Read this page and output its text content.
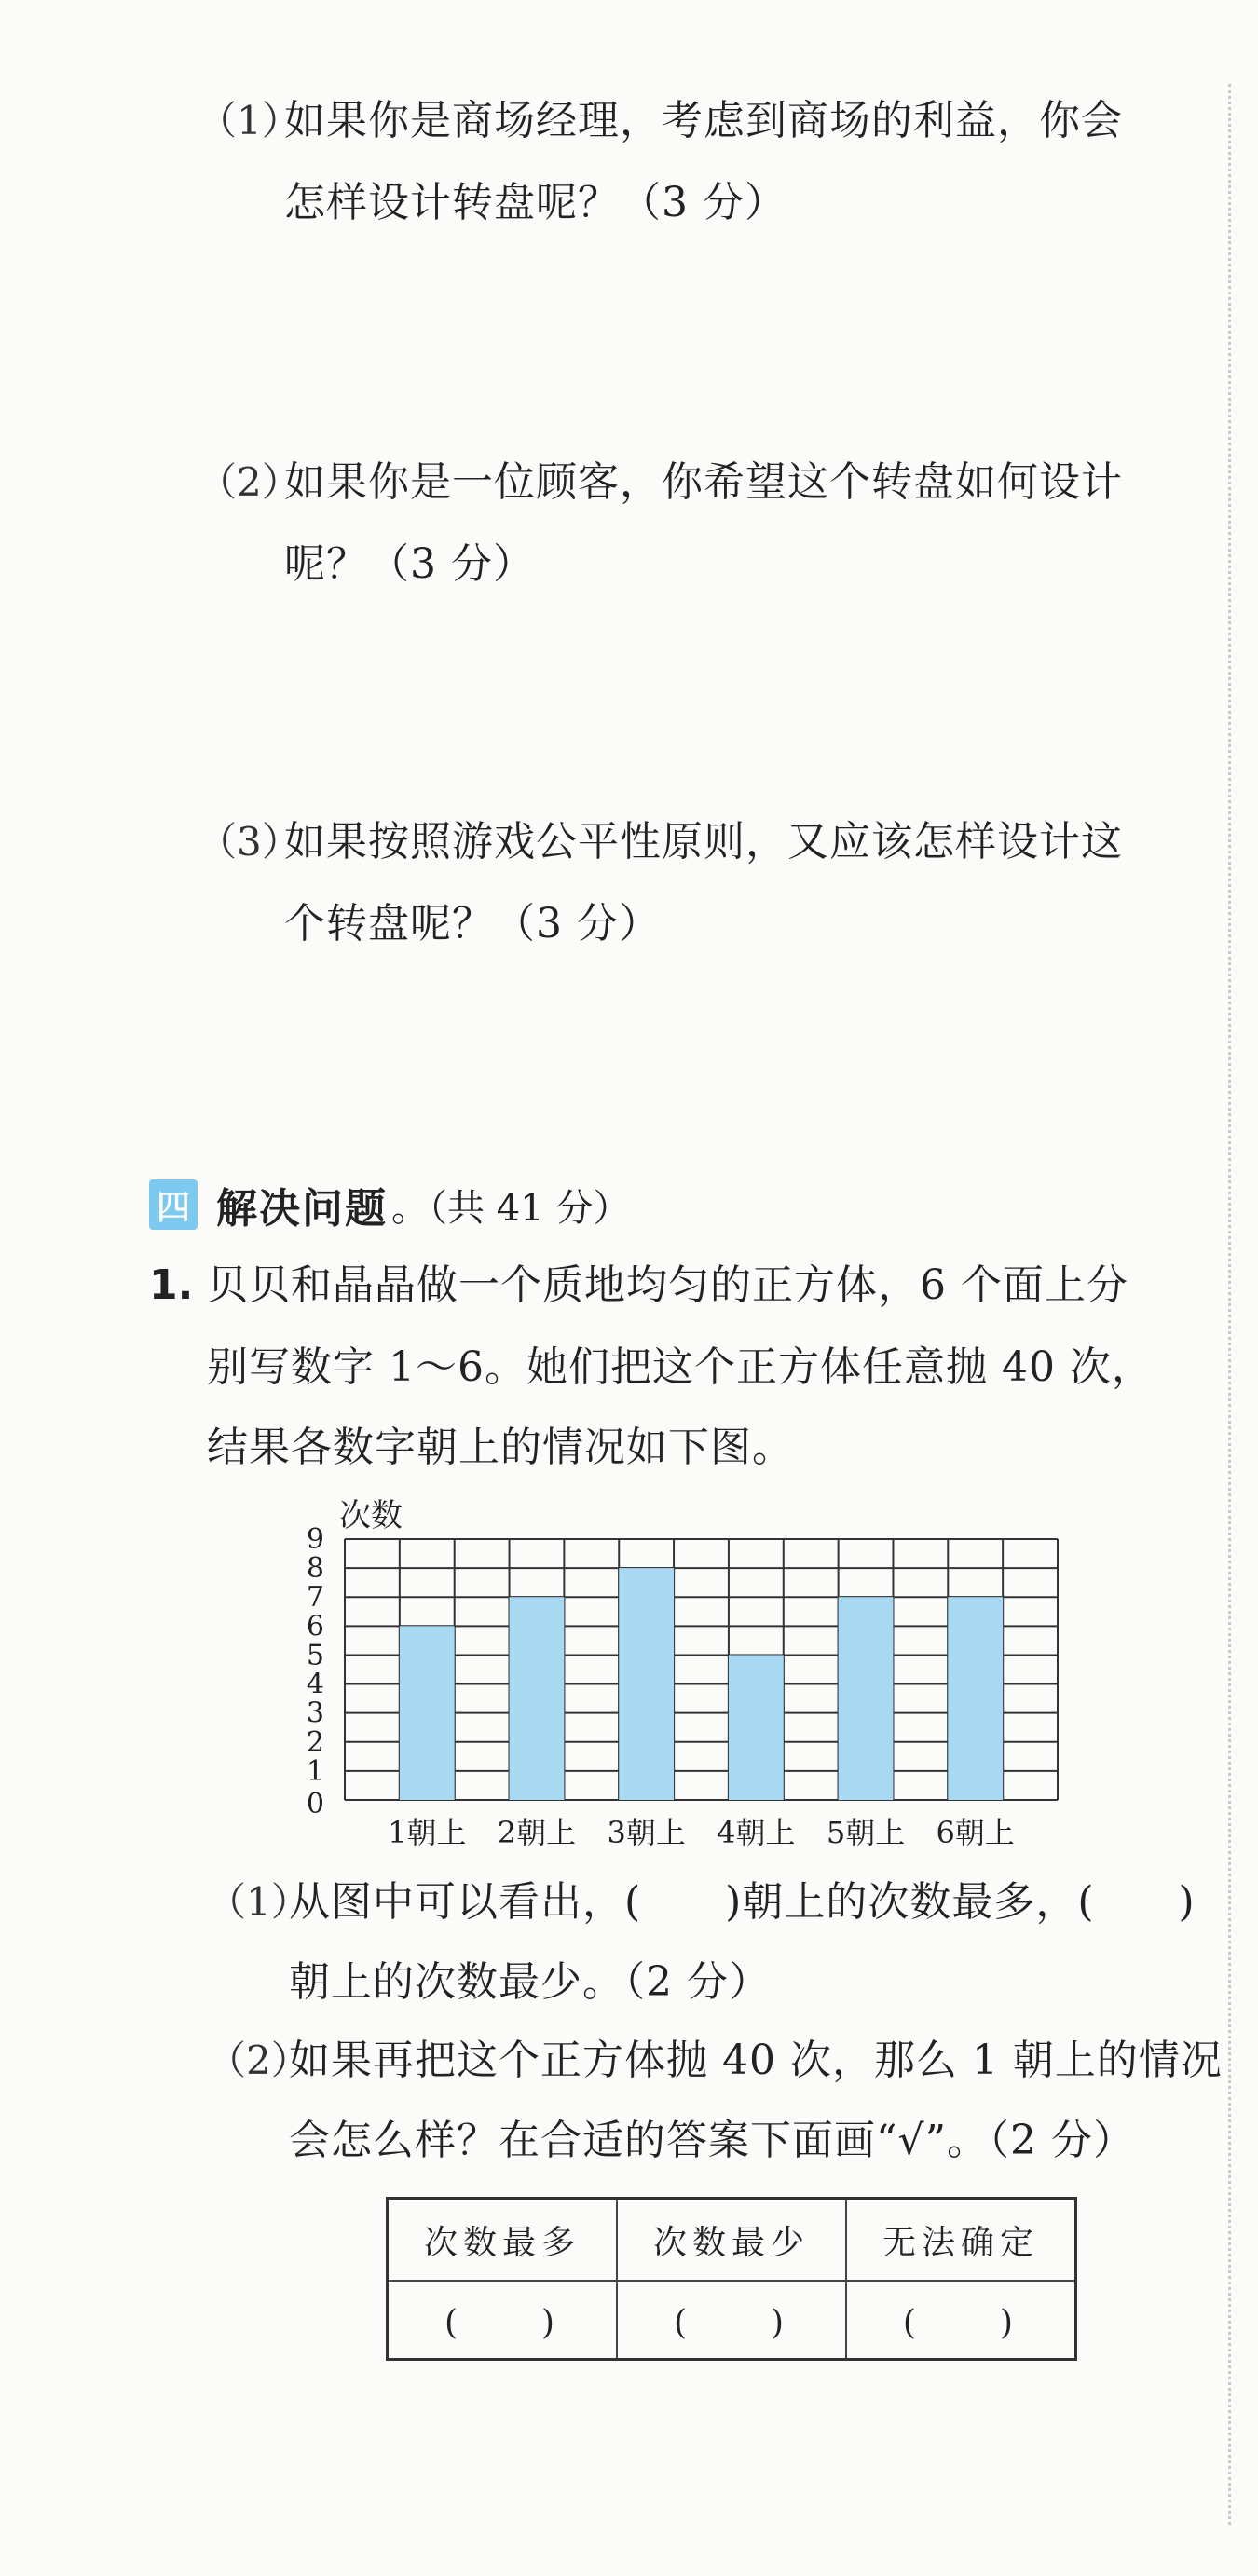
（1）
如果你是商场经理，考虑到商场的利益，你会
怎样设计转盘呢？（3 分）
（2）
如果你是一位顾客，你希望这个转盘如何设计
呢？（3 分）
（3）
如果按照游戏公平性原则，又应该怎样设计这
个转盘呢？（3 分）
四 解决问题 。（共 41 分）
1. 贝贝和晶晶做一个质地均匀的正方体，6 个面上分
别写数字 1～6。她们把这个正方体任意抛 40 次，
结果各数字朝上的情况如下图。
0
1
2
3
4
5
6
7
8
9
1朝上 2朝上 3朝上 4朝上 5朝上 6朝上
次数
（1）
从图中可以看出，(　　)朝上的次数最多，(　　)
朝上的次数最少。（2 分）
（2）
如果再把这个正方体抛 40 次，那么 1 朝上的情况
会怎么样？在合适的答案下面画“√”。（2 分）
次数最多	次数最少	无法确定
(　　)	(　　)	(　　)
